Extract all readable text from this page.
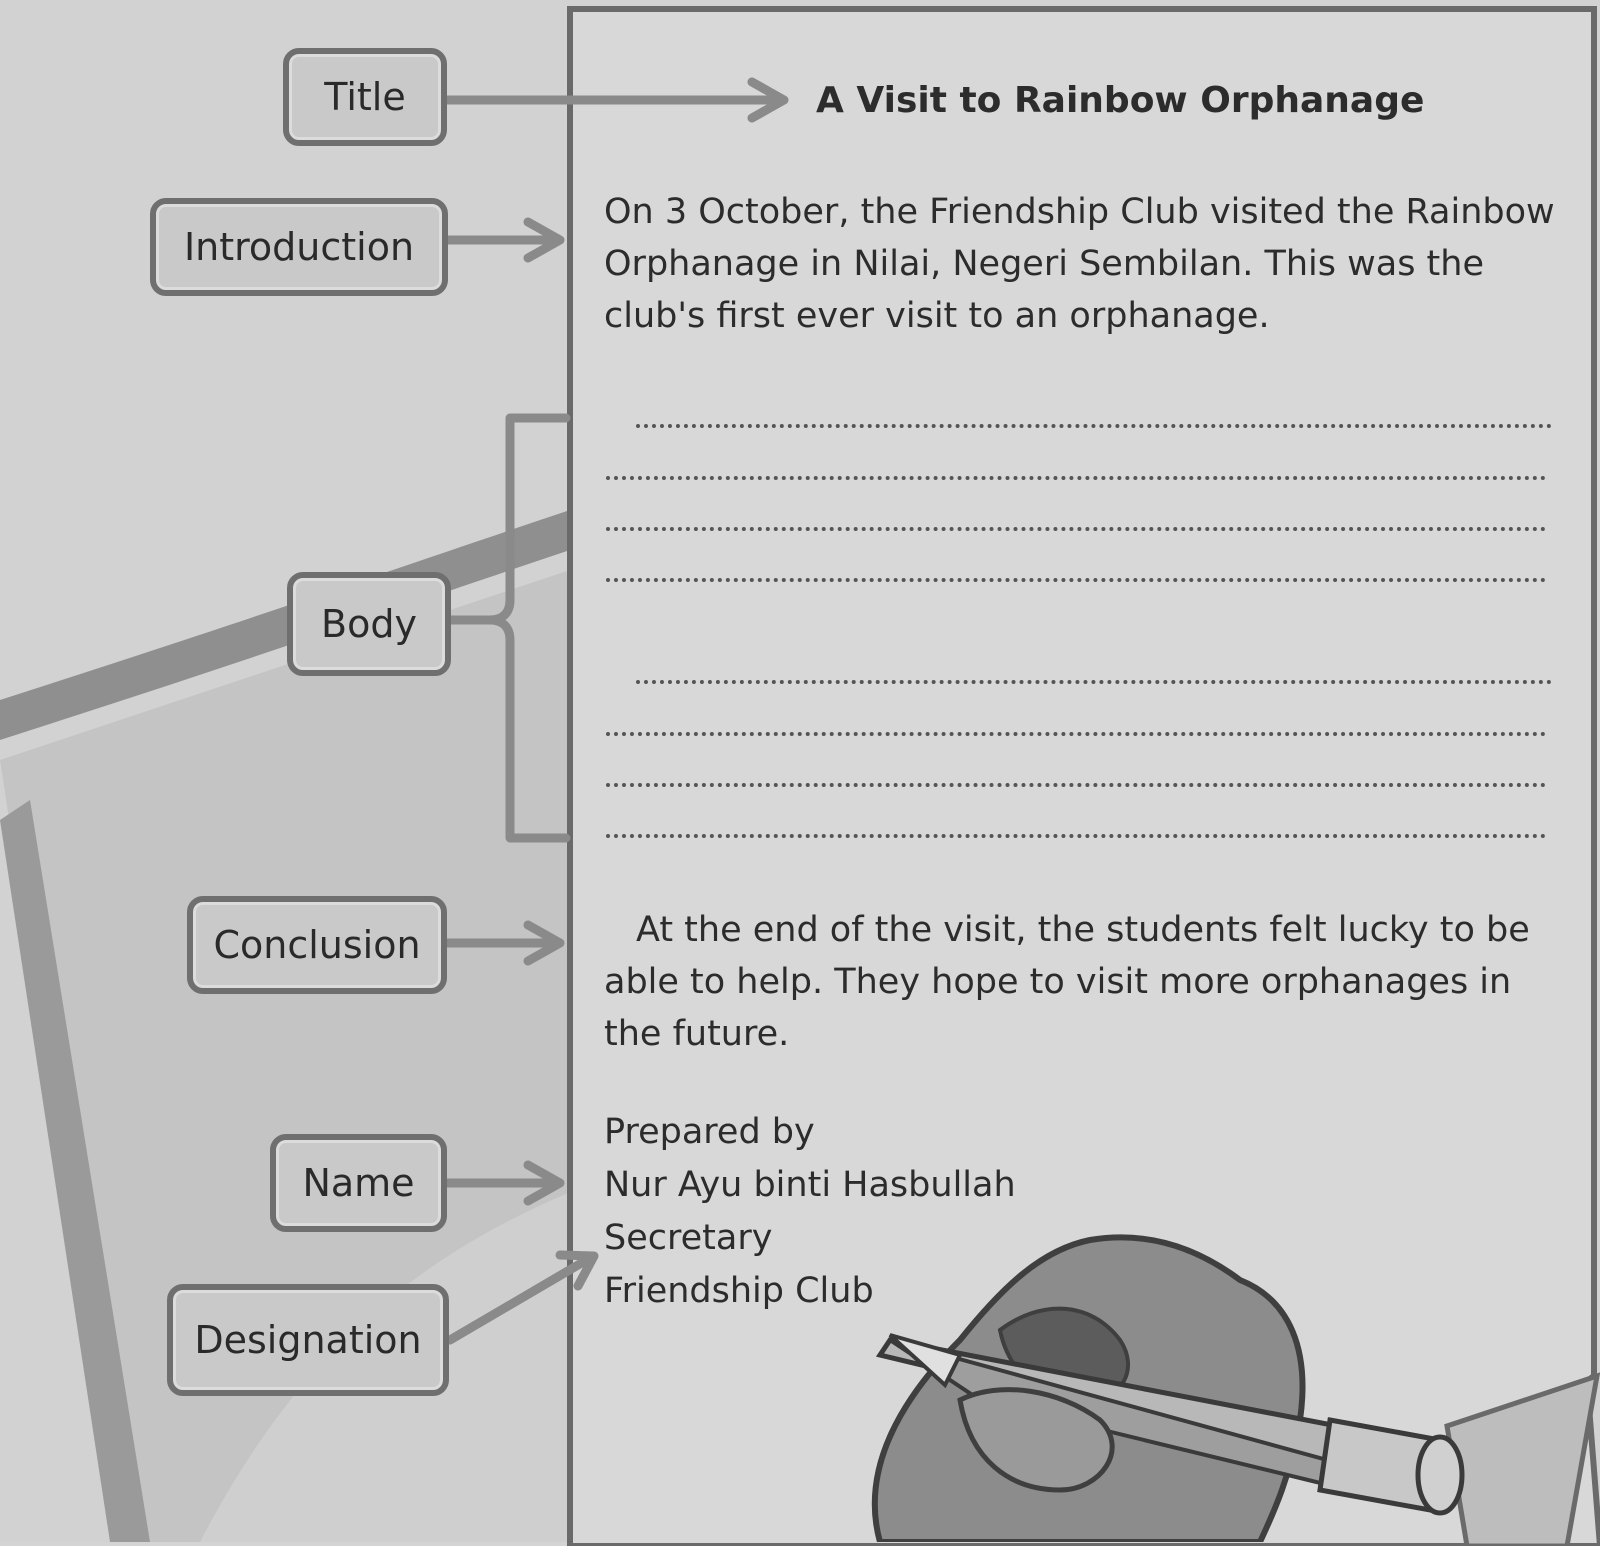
Title
Introduction
Body
Conclusion
Name
Designation
A Visit to Rainbow Orphanage
On 3 October, the Friendship Club visited the Rainbow Orphanage in Nilai, Negeri Sembilan. This was the club's first ever visit to an orphanage.
At the end of the visit, the students felt lucky to be able to help. They hope to visit more orphanages in the future.
Prepared by
Nur Ayu binti Hasbullah
Secretary
Friendship Club
